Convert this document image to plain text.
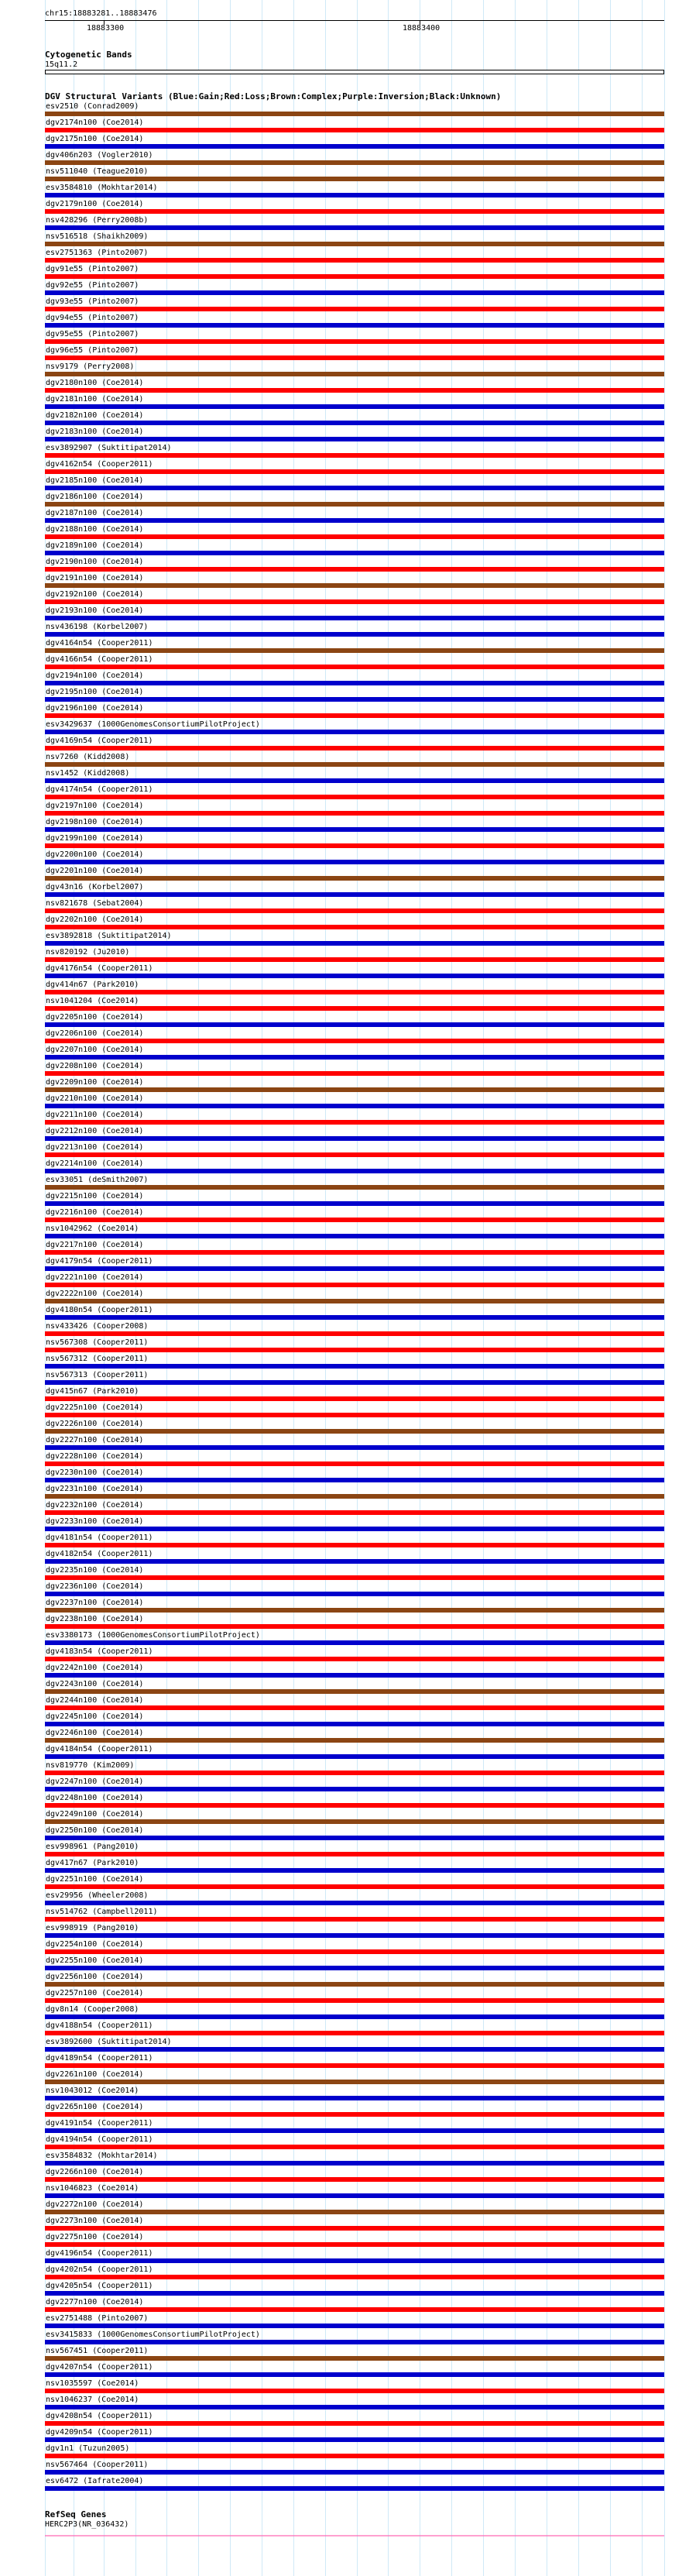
chr15:18883281..18883476
18883300	18883400
Cytogenetic Bands
15q11.2
DGV Structural Variants (Blue:Gain;Red:Loss;Brown:Complex;Purple:Inversion;Black:Unknown)
esv2510 (Conrad2009)
dgv2174n100 (Coe2014)
dgv2175n100 (Coe2014)
dgv406n203 (Vogler2010)
nsv511040 (Teague2010)
esv3584810 (Mokhtar2014)
dgv2179n100 (Coe2014)
nsv428296 (Perry2008b)
nsv516518 (Shaikh2009)
esv2751363 (Pinto2007)
dgv91e55 (Pinto2007)
dgv92e55 (Pinto2007)
dgv93e55 (Pinto2007)
dgv94e55 (Pinto2007)
dgv95e55 (Pinto2007)
dgv96e55 (Pinto2007)
nsv9179 (Perry2008)
dgv2180n100 (Coe2014)
dgv2181n100 (Coe2014)
dgv2182n100 (Coe2014)
dgv2183n100 (Coe2014)
esv3892907 (Suktitipat2014)
dgv4162n54 (Cooper2011)
dgv2185n100 (Coe2014)
dgv2186n100 (Coe2014)
dgv2187n100 (Coe2014)
dgv2188n100 (Coe2014)
dgv2189n100 (Coe2014)
dgv2190n100 (Coe2014)
dgv2191n100 (Coe2014)
dgv2192n100 (Coe2014)
dgv2193n100 (Coe2014)
nsv436198 (Korbel2007)
dgv4164n54 (Cooper2011)
dgv4166n54 (Cooper2011)
dgv2194n100 (Coe2014)
dgv2195n100 (Coe2014)
dgv2196n100 (Coe2014)
esv3429637 (1000GenomesConsortiumPilotProject)
dgv4169n54 (Cooper2011)
nsv7260 (Kidd2008)
nsv1452 (Kidd2008)
dgv4174n54 (Cooper2011)
dgv2197n100 (Coe2014)
dgv2198n100 (Coe2014)
dgv2199n100 (Coe2014)
dgv2200n100 (Coe2014)
dgv2201n100 (Coe2014)
dgv43n16 (Korbel2007)
nsv821678 (Sebat2004)
dgv2202n100 (Coe2014)
esv3892818 (Suktitipat2014)
nsv820192 (Ju2010)
dgv4176n54 (Cooper2011)
dgv414n67 (Park2010)
nsv1041204 (Coe2014)
dgv2205n100 (Coe2014)
dgv2206n100 (Coe2014)
dgv2207n100 (Coe2014)
dgv2208n100 (Coe2014)
dgv2209n100 (Coe2014)
dgv2210n100 (Coe2014)
dgv2211n100 (Coe2014)
dgv2212n100 (Coe2014)
dgv2213n100 (Coe2014)
dgv2214n100 (Coe2014)
esv33051 (deSmith2007)
dgv2215n100 (Coe2014)
dgv2216n100 (Coe2014)
nsv1042962 (Coe2014)
dgv2217n100 (Coe2014)
dgv4179n54 (Cooper2011)
dgv2221n100 (Coe2014)
dgv2222n100 (Coe2014)
dgv4180n54 (Cooper2011)
nsv433426 (Cooper2008)
nsv567308 (Cooper2011)
nsv567312 (Cooper2011)
nsv567313 (Cooper2011)
dgv415n67 (Park2010)
dgv2225n100 (Coe2014)
dgv2226n100 (Coe2014)
dgv2227n100 (Coe2014)
dgv2228n100 (Coe2014)
dgv2230n100 (Coe2014)
dgv2231n100 (Coe2014)
dgv2232n100 (Coe2014)
dgv2233n100 (Coe2014)
dgv4181n54 (Cooper2011)
dgv4182n54 (Cooper2011)
dgv2235n100 (Coe2014)
dgv2236n100 (Coe2014)
dgv2237n100 (Coe2014)
dgv2238n100 (Coe2014)
esv3380173 (1000GenomesConsortiumPilotProject)
dgv4183n54 (Cooper2011)
dgv2242n100 (Coe2014)
dgv2243n100 (Coe2014)
dgv2244n100 (Coe2014)
dgv2245n100 (Coe2014)
dgv2246n100 (Coe2014)
dgv4184n54 (Cooper2011)
nsv819770 (Kim2009)
dgv2247n100 (Coe2014)
dgv2248n100 (Coe2014)
dgv2249n100 (Coe2014)
dgv2250n100 (Coe2014)
esv998961 (Pang2010)
dgv417n67 (Park2010)
dgv2251n100 (Coe2014)
esv29956 (Wheeler2008)
nsv514762 (Campbell2011)
esv998919 (Pang2010)
dgv2254n100 (Coe2014)
dgv2255n100 (Coe2014)
dgv2256n100 (Coe2014)
dgv2257n100 (Coe2014)
dgv8n14 (Cooper2008)
dgv4188n54 (Cooper2011)
esv3892600 (Suktitipat2014)
dgv4189n54 (Cooper2011)
dgv2261n100 (Coe2014)
nsv1043012 (Coe2014)
dgv2265n100 (Coe2014)
dgv4191n54 (Cooper2011)
dgv4194n54 (Cooper2011)
esv3584832 (Mokhtar2014)
dgv2266n100 (Coe2014)
nsv1046823 (Coe2014)
dgv2272n100 (Coe2014)
dgv2273n100 (Coe2014)
dgv2275n100 (Coe2014)
dgv4196n54 (Cooper2011)
dgv4202n54 (Cooper2011)
dgv4205n54 (Cooper2011)
dgv2277n100 (Coe2014)
esv2751488 (Pinto2007)
esv3415833 (1000GenomesConsortiumPilotProject)
nsv567451 (Cooper2011)
dgv4207n54 (Cooper2011)
nsv1035597 (Coe2014)
nsv1046237 (Coe2014)
dgv4208n54 (Cooper2011)
dgv4209n54 (Cooper2011)
dgv1n1 (Tuzun2005)
nsv567464 (Cooper2011)
esv6472 (Iafrate2004)
RefSeq Genes
HERC2P3(NR_036432)
